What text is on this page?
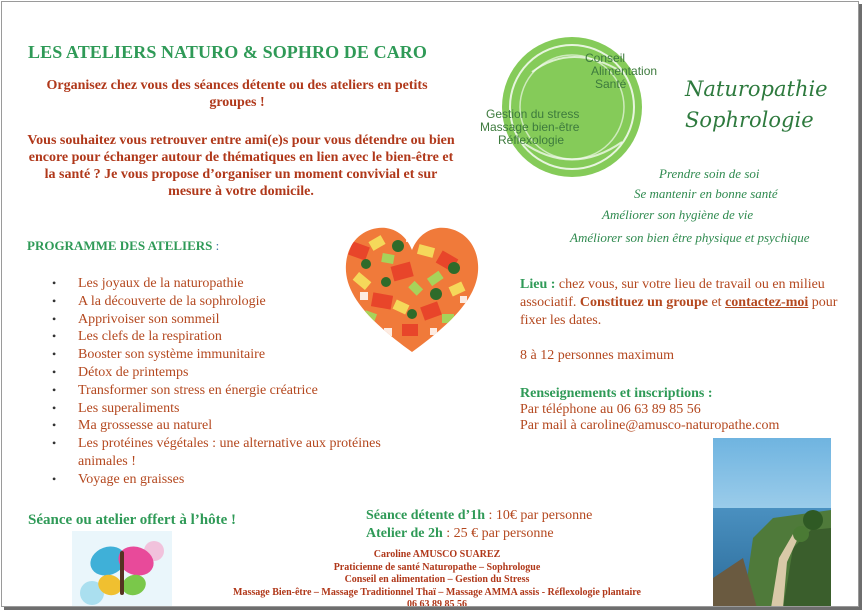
LES ATELIERS NATURO & SOPHRO DE CARO
Organisez chez vous des séances détente ou des ateliers en petits groupes !
Vous souhaitez vous retrouver entre ami(e)s pour vous détendre ou bien encore pour échanger autour de thématiques en lien avec le bien-être et la santé ? Je vous propose d’organiser un moment convivial et sur mesure à votre domicile.
Conseil
Alimentation
Santé
Gestion du stress
Massage bien-être
Réflexologie
Naturopathie
Sophrologie
Prendre soin de soi
Se mantenir en bonne santé
Améliorer son hygiène de vie
Améliorer son bien être physique et psychique
PROGRAMME DES ATELIERS :
• Les joyaux de la naturopathie
• A la découverte de la sophrologie
• Apprivoiser son sommeil
• Les clefs de la respiration
• Booster son système immunitaire
• Détox de printemps
• Transformer son stress en énergie créatrice
• Les superaliments
• Ma grossesse au naturel
• Les protéines végétales : une alternative aux protéines animales !
• Voyage en graisses
Lieu : chez vous, sur votre lieu de travail ou en milieu associatif. Constituez un groupe et contactez-moi pour fixer les dates.
8 à 12 personnes maximum
Renseignements et inscriptions :
Par téléphone au 06 63 89 85 56
Par mail à caroline@amusco-naturopathe.com
Séance ou atelier offert à l’hôte !	Séance détente d’1h : 10€ par personne
Atelier de 2h : 25 € par personne
Caroline AMUSCO SUAREZ
Praticienne de santé Naturopathe – Sophrologue
Conseil en alimentation – Gestion du Stress
Massage Bien-être – Massage Traditionnel Thaï – Massage AMMA assis - Réflexologie plantaire
06 63 89 85 56
